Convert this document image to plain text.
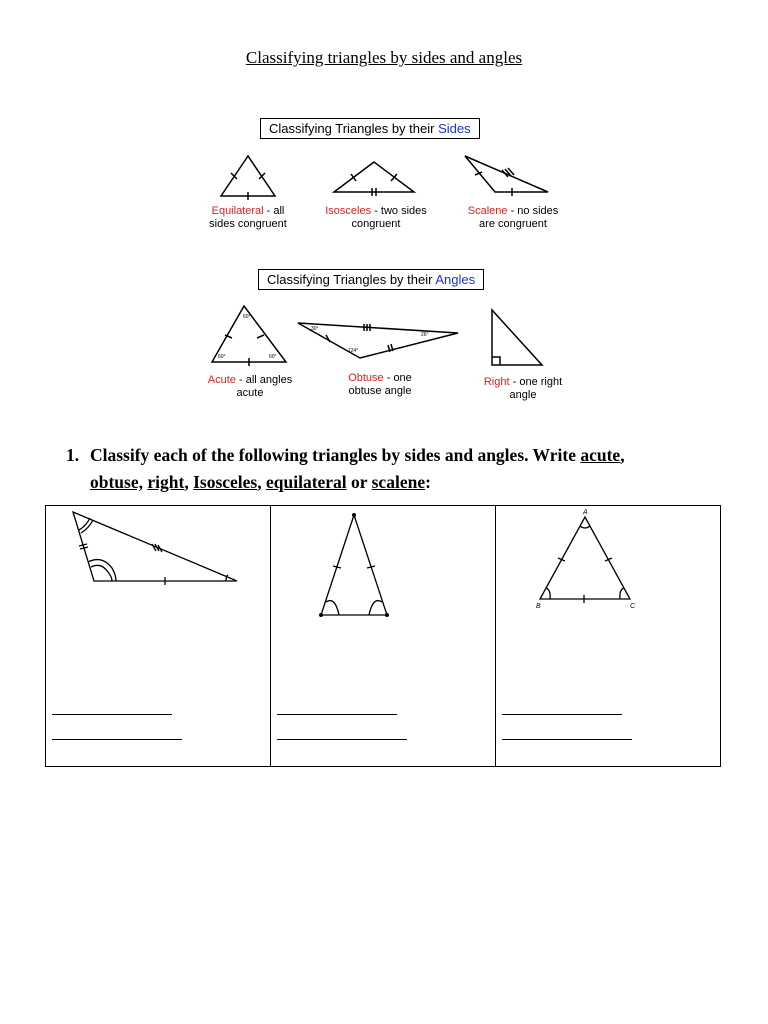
Classifying triangles by sides and angles
Classifying Triangles by their Sides
Equilateral - all
sides congruent
Isosceles - two sides
congruent
Scalene - no sides
are congruent
Classifying Triangles by their Angles
60°
60°	60°
30°
124°
26°
Acute - all angles
acute
Obtuse - one
obtuse angle
Right - one right
angle
1. Classify each of the following triangles by sides and angles. Write acute,
obtuse, right, Isosceles, equilateral or scalene:
A
B	C
